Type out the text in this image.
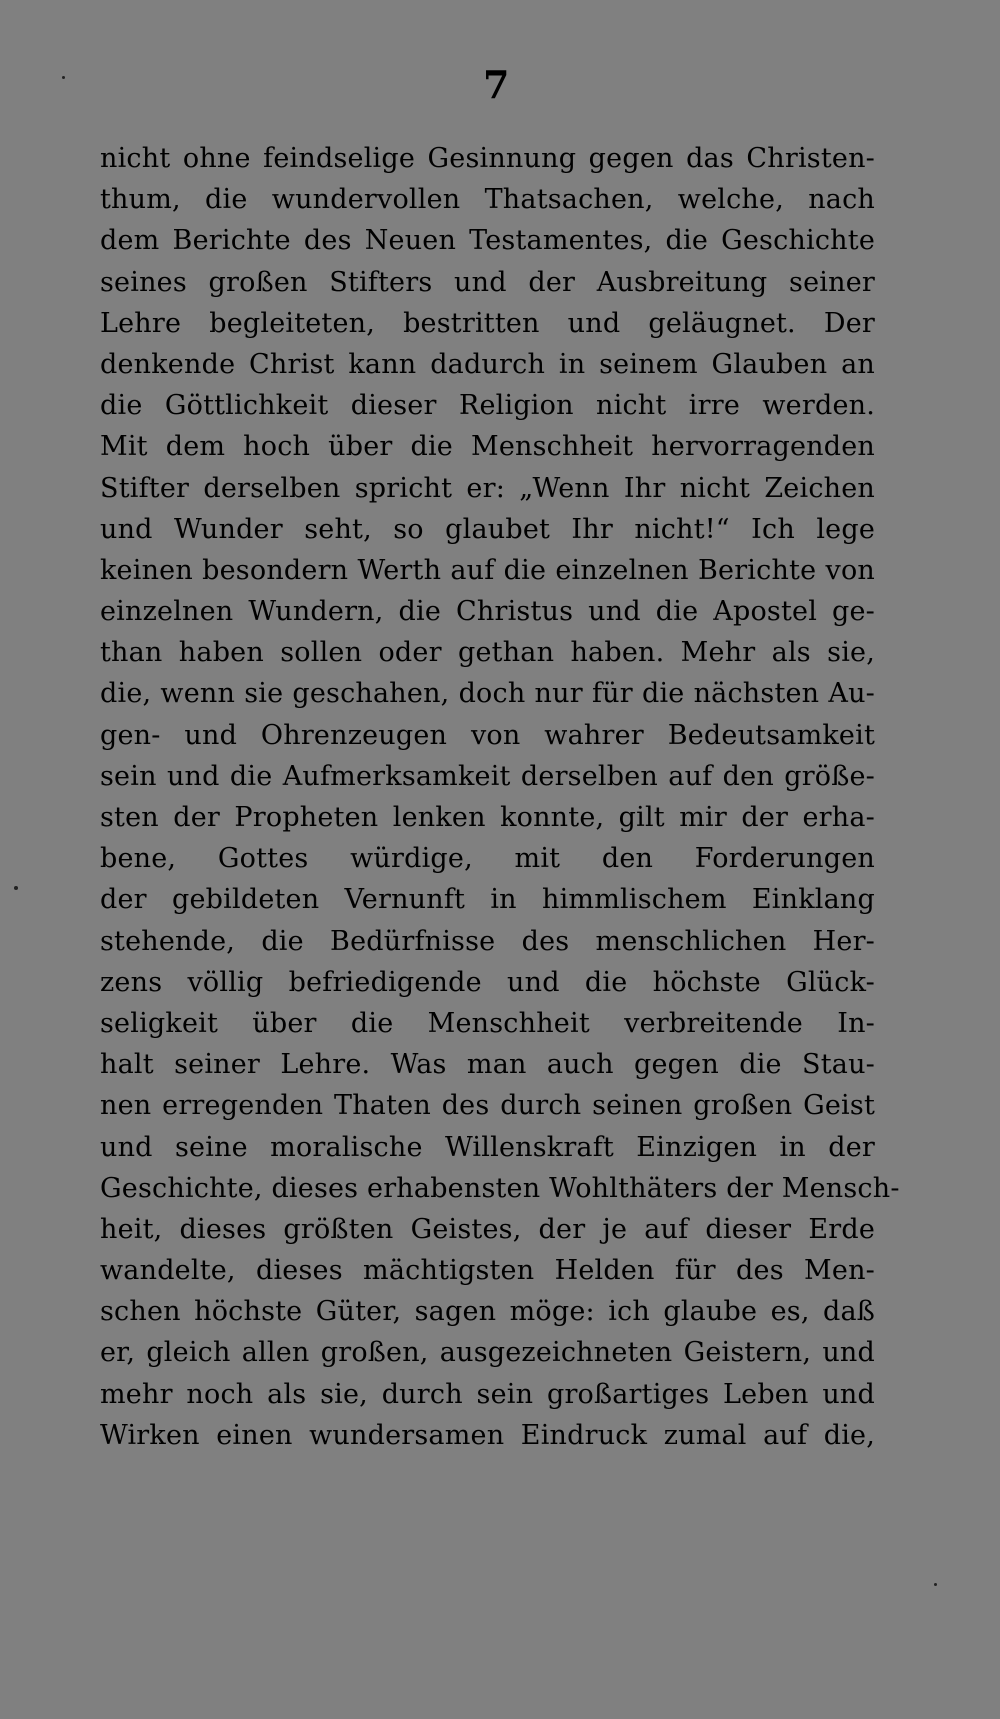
7
nicht ohne feindselige Gesinnung gegen das Christen-
thum, die wundervollen Thatsachen, welche, nach
dem Berichte des Neuen Testamentes, die Geschichte
seines großen Stifters und der Ausbreitung seiner
Lehre begleiteten, bestritten und geläugnet. Der
denkende Christ kann dadurch in seinem Glauben an
die Göttlichkeit dieser Religion nicht irre werden.
Mit dem hoch über die Menschheit hervorragenden
Stifter derselben spricht er: „Wenn Ihr nicht Zeichen
und Wunder seht, so glaubet Ihr nicht!“ Ich lege
keinen besondern Werth auf die einzelnen Berichte von
einzelnen Wundern, die Christus und die Apostel ge-
than haben sollen oder gethan haben. Mehr als sie,
die, wenn sie geschahen, doch nur für die nächsten Au-
gen- und Ohrenzeugen von wahrer Bedeutsamkeit
sein und die Aufmerksamkeit derselben auf den größe-
sten der Propheten lenken konnte, gilt mir der erha-
bene, Gottes würdige, mit den Forderungen
der gebildeten Vernunft in himmlischem Einklang
stehende, die Bedürfnisse des menschlichen Her-
zens völlig befriedigende und die höchste Glück-
seligkeit über die Menschheit verbreitende In-
halt seiner Lehre. Was man auch gegen die Stau-
nen erregenden Thaten des durch seinen großen Geist
und seine moralische Willenskraft Einzigen in der
Geschichte, dieses erhabensten Wohlthäters der Mensch-
heit, dieses größten Geistes, der je auf dieser Erde
wandelte, dieses mächtigsten Helden für des Men-
schen höchste Güter, sagen möge: ich glaube es, daß
er, gleich allen großen, ausgezeichneten Geistern, und
mehr noch als sie, durch sein großartiges Leben und
Wirken einen wundersamen Eindruck zumal auf die,
